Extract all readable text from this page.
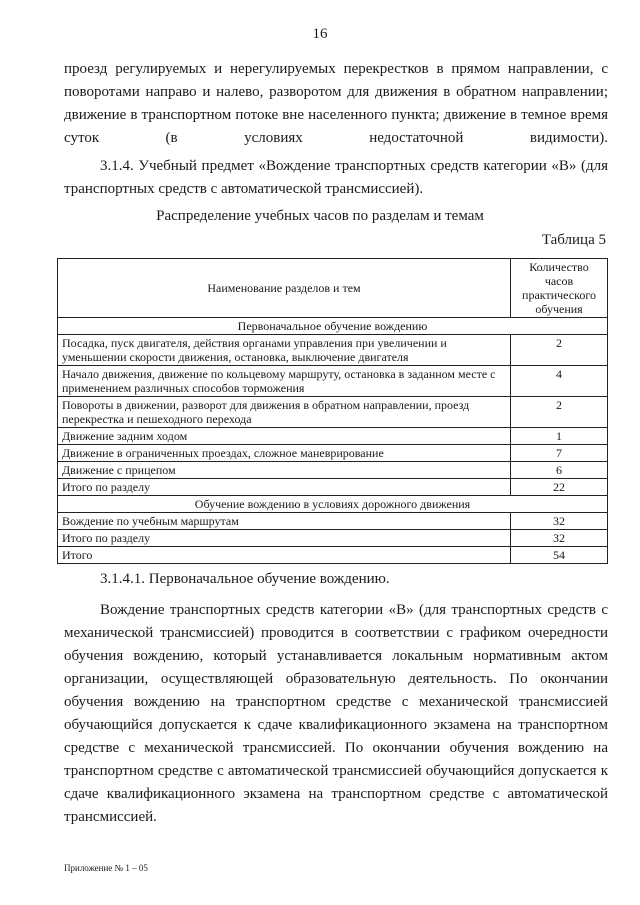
16
проезд регулируемых и нерегулируемых перекрестков в прямом направлении, с поворотами направо и налево, разворотом для движения в обратном направлении; движение в транспортном потоке вне населенного пункта; движение в темное время суток (в условиях недостаточной видимости).
3.1.4. Учебный предмет «Вождение транспортных средств категории «В» (для транспортных средств с автоматической трансмиссией).
Распределение учебных часов по разделам и темам
Таблица 5
Наименование разделов и тем	Количество часов практического обучения
Первоначальное обучение вождению	
Посадка, пуск двигателя, действия органами управления при увеличении и уменьшении скорости движения, остановка, выключение двигателя	2
Начало движения, движение по кольцевому маршруту, остановка в заданном месте с применением различных способов торможения	4
Повороты в движении, разворот для движения в обратном направлении, проезд перекрестка и пешеходного перехода	2
Движение задним ходом	1
Движение в ограниченных проездах, сложное маневрирование	7
Движение с прицепом	6
Итого по разделу	22
Обучение вождению в условиях дорожного движения	
Вождение по учебным маршрутам	32
Итого по разделу	32
Итого	54
3.1.4.1. Первоначальное обучение вождению.
Вождение транспортных средств категории «В» (для транспортных средств с механической трансмиссией) проводится в соответствии с графиком очередности обучения вождению, который устанавливается локальным нормативным актом организации, осуществляющей образовательную деятельность. По окончании обучения вождению на транспортном средстве с механической трансмиссией обучающийся допускается к сдаче квалификационного экзамена на транспортном средстве с механической трансмиссией. По окончании обучения вождению на транспортном средстве с автоматической трансмиссией обучающийся допускается к сдаче квалификационного экзамена на транспортном средстве с автоматической трансмиссией.
Приложение № 1 – 05
